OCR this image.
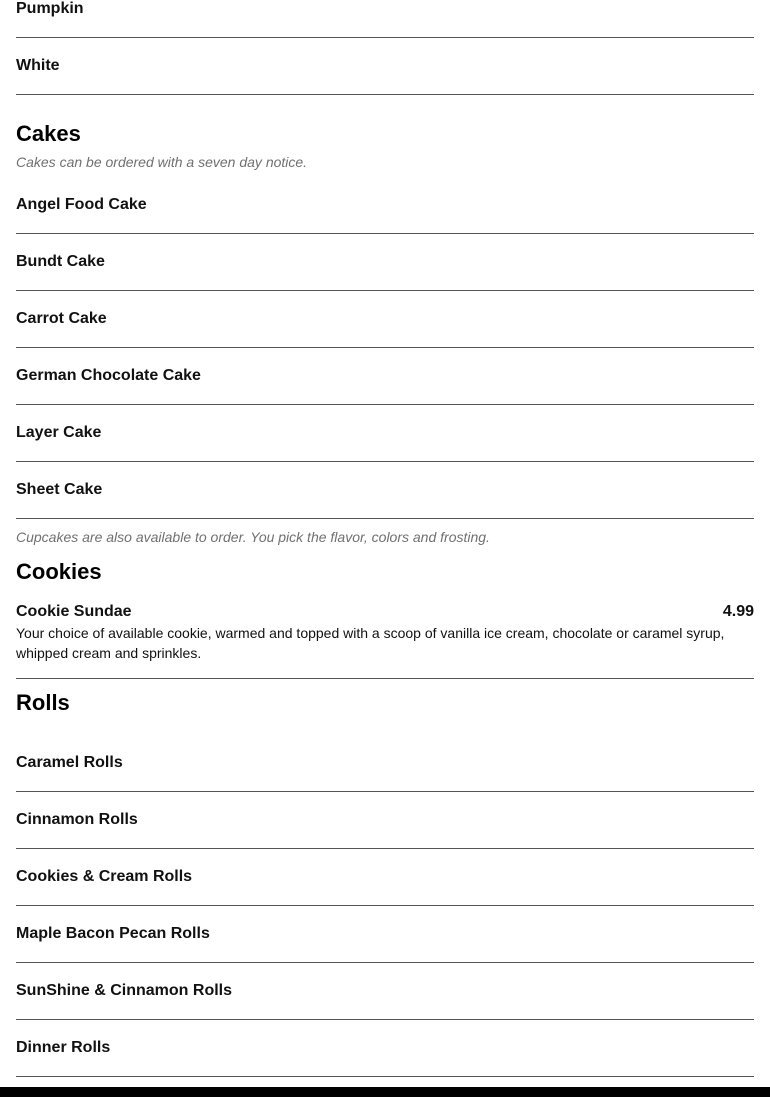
Pumpkin
White
Cakes
Cakes can be ordered with a seven day notice.
Angel Food Cake
Bundt Cake
Carrot Cake
German Chocolate Cake
Layer Cake
Sheet Cake
Cupcakes are also available to order. You pick the flavor, colors and frosting.
Cookies
Cookie Sundae	4.99
Your choice of available cookie, warmed and topped with a scoop of vanilla ice cream, chocolate or caramel syrup, whipped cream and sprinkles.
Rolls
Caramel Rolls
Cinnamon Rolls
Cookies & Cream Rolls
Maple Bacon Pecan Rolls
SunShine & Cinnamon Rolls
Dinner Rolls
